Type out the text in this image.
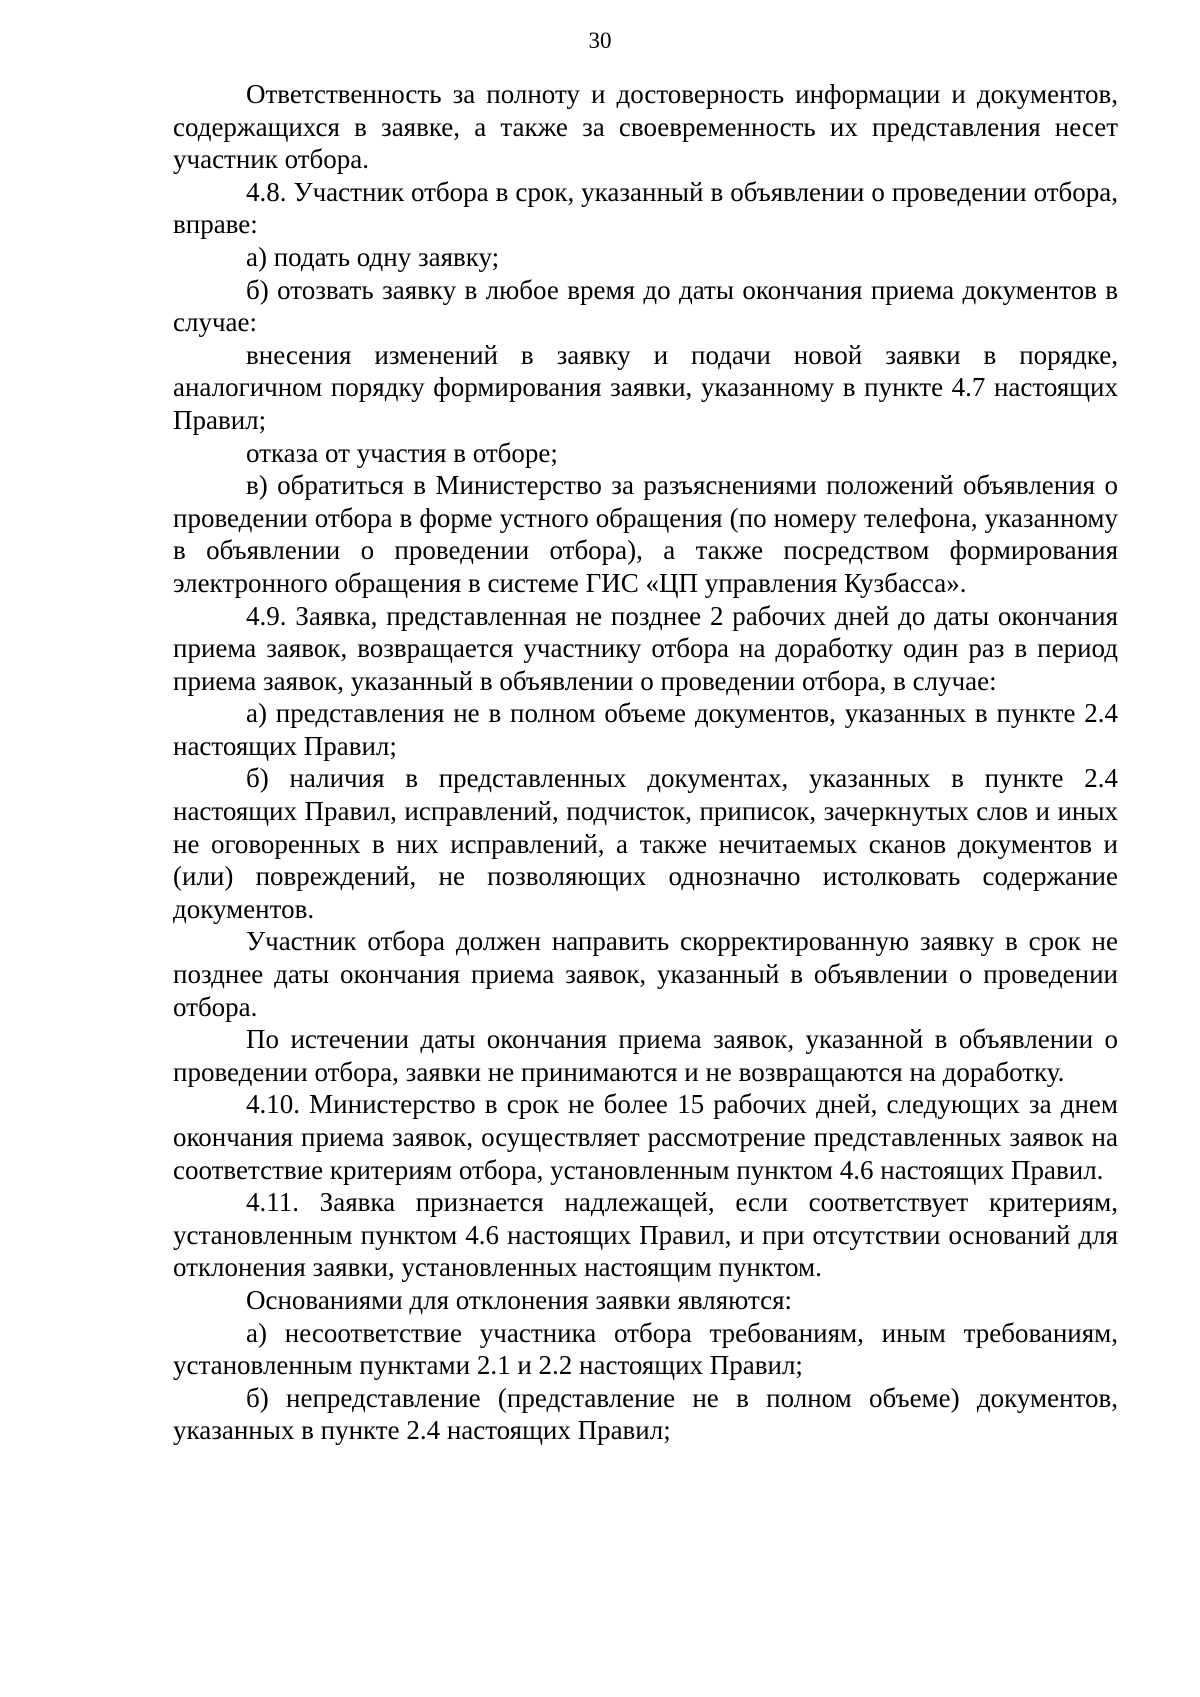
30

Ответственность за полноту и достоверность информации и документов, содержащихся в заявке, а также за своевременность их представления несет участник отбора.

4.8. Участник отбора в срок, указанный в объявлении о проведении отбора, вправе:

а) подать одну заявку;

б) отозвать заявку в любое время до даты окончания приема документов в случае:

внесения изменений в заявку и подачи новой заявки в порядке, аналогичном порядку формирования заявки, указанному в пункте 4.7 настоящих Правил;

отказа от участия в отборе;

в) обратиться в Министерство за разъяснениями положений объявления о проведении отбора в форме устного обращения (по номеру телефона, указанному в объявлении о проведении отбора), а также посредством формирования электронного обращения в системе ГИС «ЦП управления Кузбасса».

4.9. Заявка, представленная не позднее 2 рабочих дней до даты окончания приема заявок, возвращается участнику отбора на доработку один раз в период приема заявок, указанный в объявлении о проведении отбора, в случае:

а) представления не в полном объеме документов, указанных в пункте 2.4 настоящих Правил;

б) наличия в представленных документах, указанных в пункте 2.4 настоящих Правил, исправлений, подчисток, приписок, зачеркнутых слов и иных не оговоренных в них исправлений, а также нечитаемых сканов документов и (или) повреждений, не позволяющих однозначно истолковать содержание документов.

Участник отбора должен направить скорректированную заявку в срок не позднее даты окончания приема заявок, указанный в объявлении о проведении отбора.

По истечении даты окончания приема заявок, указанной в объявлении о проведении отбора, заявки не принимаются и не возвращаются на доработку.

4.10. Министерство в срок не более 15 рабочих дней, следующих за днем окончания приема заявок, осуществляет рассмотрение представленных заявок на соответствие критериям отбора, установленным пунктом 4.6 настоящих Правил.

4.11. Заявка признается надлежащей, если соответствует критериям, установленным пунктом 4.6 настоящих Правил, и при отсутствии оснований для отклонения заявки, установленных настоящим пунктом.

Основаниями для отклонения заявки являются:

а) несоответствие участника отбора требованиям, иным требованиям, установленным пунктами 2.1 и 2.2 настоящих Правил;

б) непредставление (представление не в полном объеме) документов, указанных в пункте 2.4 настоящих Правил;
